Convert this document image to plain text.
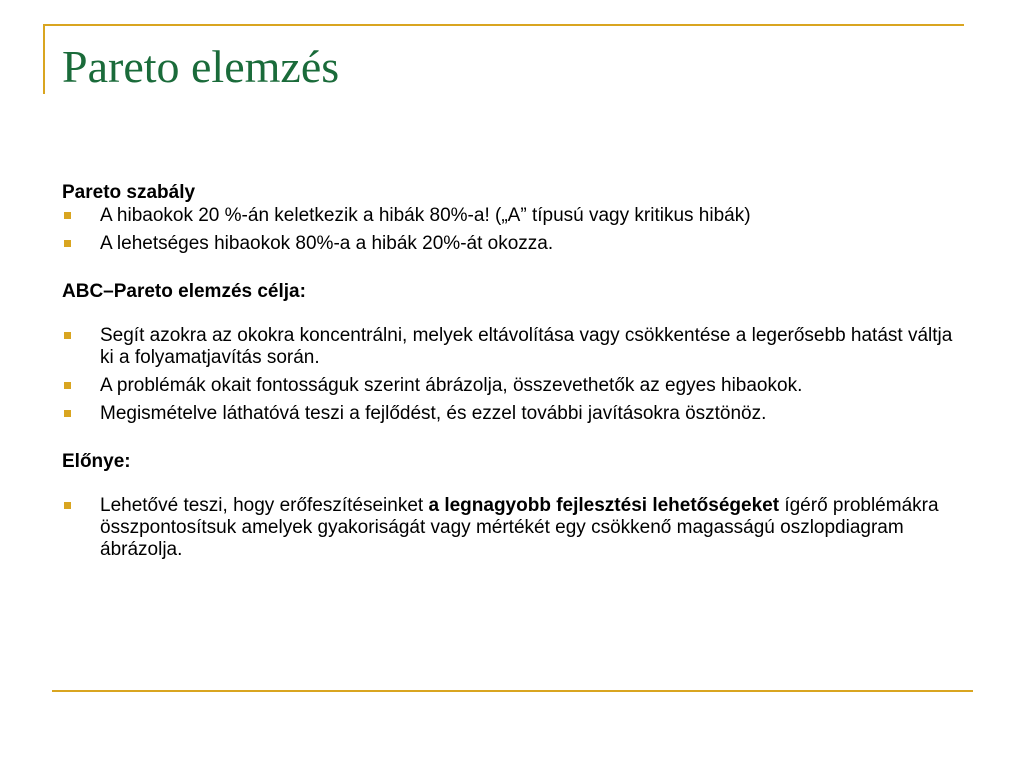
Pareto elemzés
Pareto szabály
A hibaokok 20 %-án keletkezik a hibák 80%-a! („A” típusú vagy kritikus hibák)
A lehetséges hibaokok 80%-a a hibák 20%-át okozza.
ABC–Pareto elemzés célja:
Segít azokra az okokra koncentrálni, melyek eltávolítása vagy csökkentése a legerősebb hatást váltja ki a folyamatjavítás során.
A problémák okait fontosságuk szerint ábrázolja, összevethetők az egyes hibaokok.
Megismételve láthatóvá teszi a fejlődést, és ezzel további javításokra ösztönöz.
Előnye:
Lehetővé teszi, hogy erőfeszítéseinket a legnagyobb fejlesztési lehetőségeket ígérő problémákra összpontosítsuk amelyek gyakoriságát vagy mértékét egy csökkenő magasságú oszlopdiagram ábrázolja.
